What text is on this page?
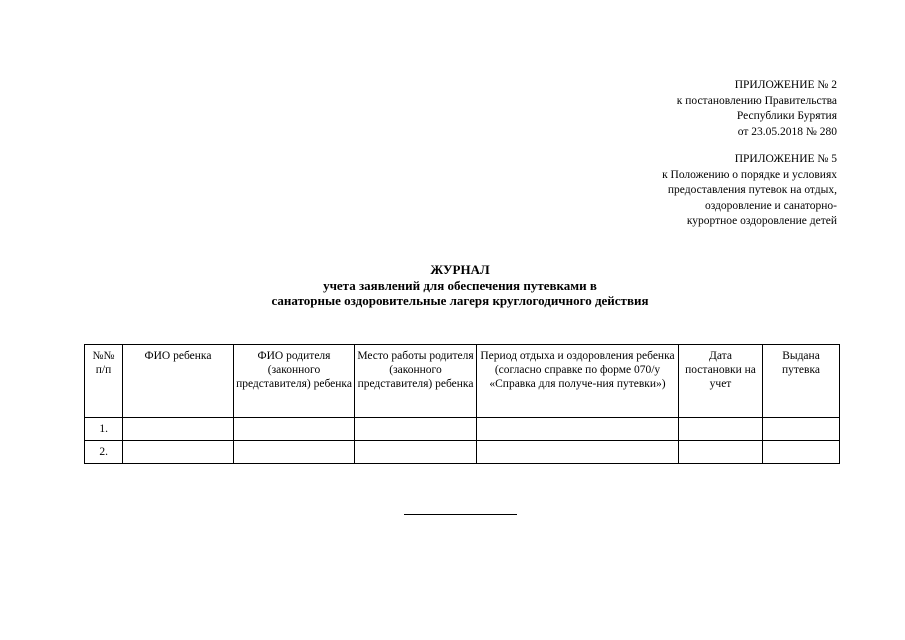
ПРИЛОЖЕНИЕ № 2
к постановлению Правительства
Республики Бурятия
от 23.05.2018 № 280
ПРИЛОЖЕНИЕ № 5
к Положению о порядке и условиях
предоставления путевок на отдых,
оздоровление и санаторно-
курортное оздоровление детей
ЖУРНАЛ
учета заявлений для обеспечения путевками в
санаторные оздоровительные лагеря круглогодичного действия
№№ п/п	ФИО ребенка	ФИО родителя (законного представителя) ребенка	Место работы родителя (законного представителя) ребенка	Период отдыха и оздоровления ребенка (согласно справке по форме 070/у «Справка для получе-ния путевки»)	Дата постановки на учет	Выдана путевка
1.						
2.						
